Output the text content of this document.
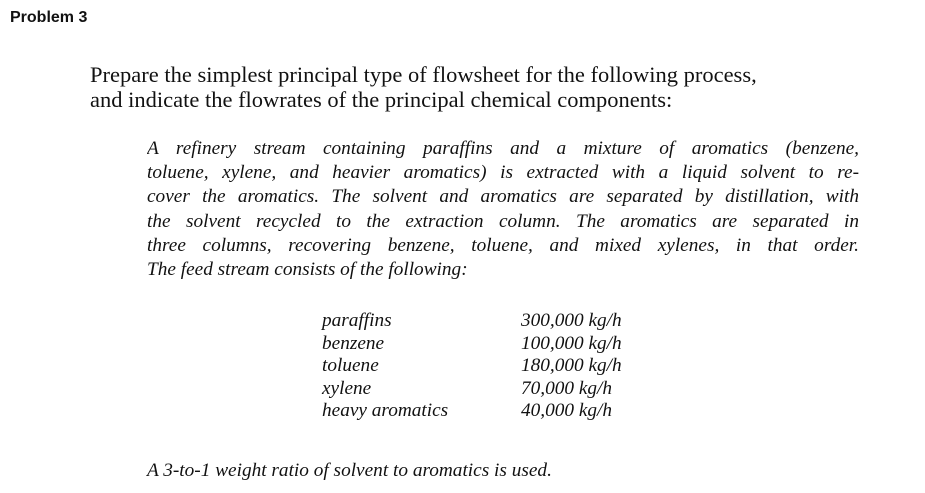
Problem 3
Prepare the simplest principal type of flowsheet for the following process,
and indicate the flowrates of the principal chemical components:
A refinery stream containing paraffins and a mixture of aromatics (benzene,
toluene, xylene, and heavier aromatics) is extracted with a liquid solvent to re-
cover the aromatics. The solvent and aromatics are separated by distillation, with
the solvent recycled to the extraction column. The aromatics are separated in
three columns, recovering benzene, toluene, and mixed xylenes, in that order.
The feed stream consists of the following:
paraffins	300,000 kg/h
benzene	100,000 kg/h
toluene	180,000 kg/h
xylene	70,000 kg/h
heavy aromatics	40,000 kg/h
A 3-to-1 weight ratio of solvent to aromatics is used.
